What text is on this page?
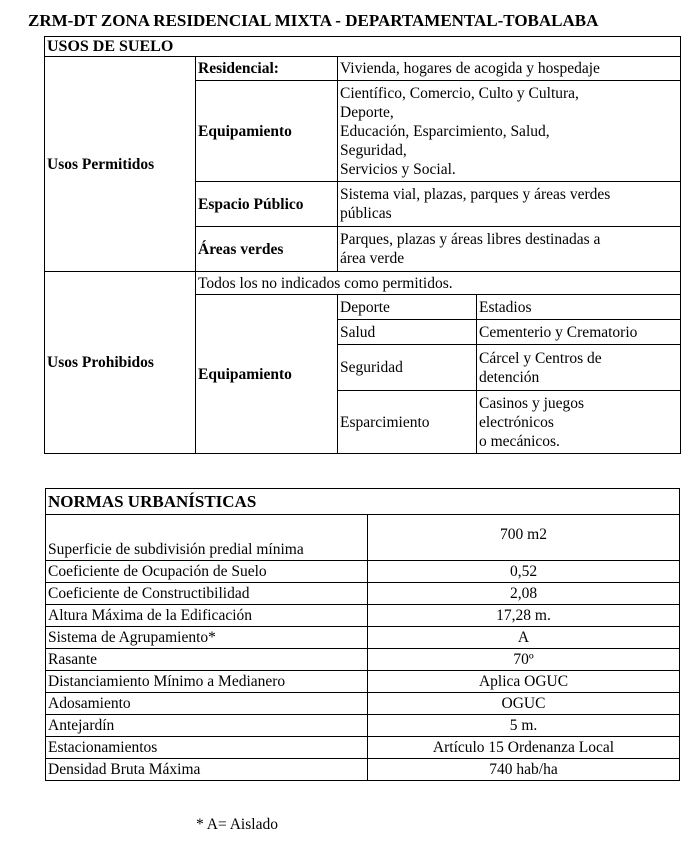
ZRM-DT ZONA RESIDENCIAL MIXTA - DEPARTAMENTAL-TOBALABA
USOS DE SUELO			
Usos Permitidos	Residencial:	Vivienda, hogares de acogida y hospedaje	
	Equipamiento	Científico, Comercio, Culto y Cultura,
Deporte,
Educación, Esparcimiento, Salud,
Seguridad,
Servicios y Social.	

	Espacio Público	Sistema vial, plazas, parques y áreas verdes
públicas	

	Áreas verdes	Parques, plazas y áreas libres destinadas a
área verde	

Usos Prohibidos	Todos los no indicados como permitidos.		
	Equipamiento	Deporte	Estadios

		Salud	Cementerio y Crematorio

		Seguridad	Cárcel y Centros de
detención

		Esparcimiento	Casinos y juegos
electrónicos
o mecánicos.
NORMAS URBANÍSTICAS	
Superficie de subdivisión predial mínima	700 m2
Coeficiente de Ocupación de Suelo	0,52
Coeficiente de Constructibilidad	2,08
Altura Máxima de la Edificación	17,28 m.
Sistema de Agrupamiento*	A
Rasante	70º
Distanciamiento Mínimo a Medianero	Aplica OGUC
Adosamiento	OGUC
Antejardín	5 m.
Estacionamientos	Artículo 15 Ordenanza Local
Densidad Bruta Máxima	740 hab/ha
* A= Aislado
